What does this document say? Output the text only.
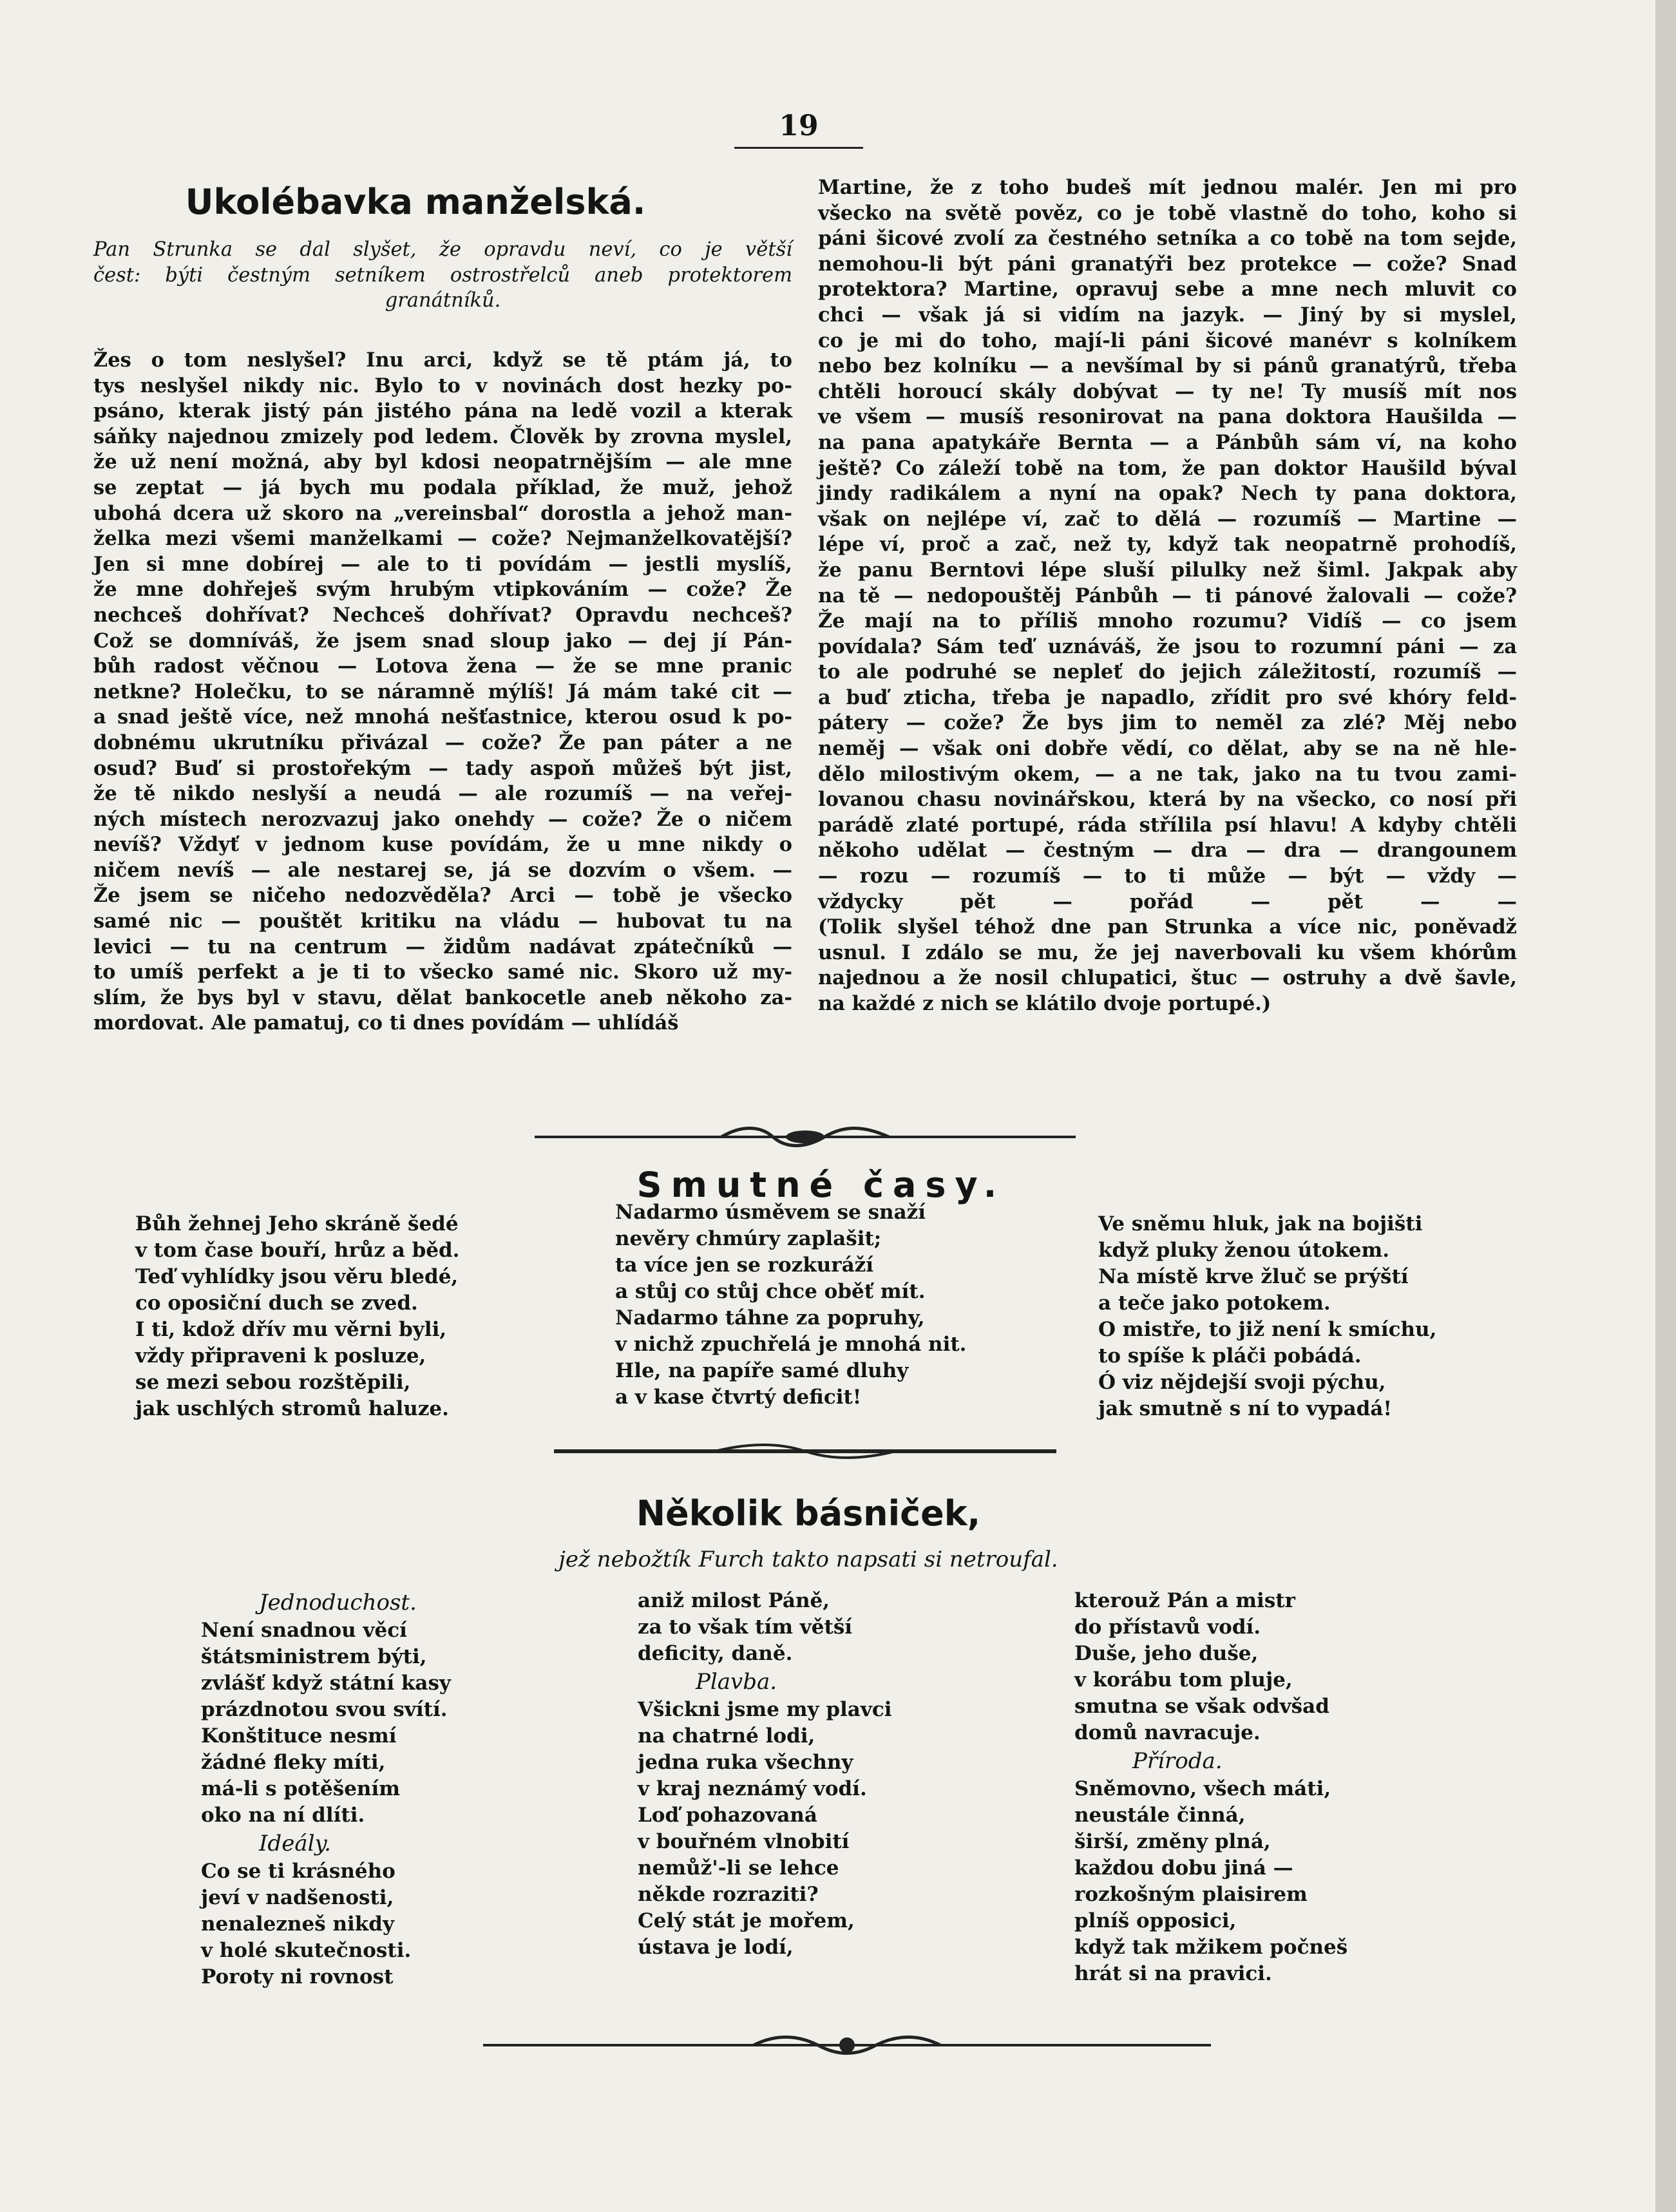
19
Ukolébavka manželská.

Pan Strunka se dal slyšet, že opravdu neví, co je větší

čest: býti čestným setníkem ostrostřelců aneb protektorem

granátníků.

Žes o tom neslyšel? Inu arci, když se tě ptám já, to

tys neslyšel nikdy nic. Bylo to v novinách dost hezky po-

psáno, kterak jistý pán jistého pána na ledě vozil a kterak

sáňky najednou zmizely pod ledem. Člověk by zrovna myslel,

že už není možná, aby byl kdosi neopatrnějším — ale mne

se zeptat — já bych mu podala příklad, že muž, jehož

ubohá dcera už skoro na „vereinsbal“ dorostla a jehož man-

želka mezi všemi manželkami — cože? Nejmanželkovatější?

Jen si mne dobírej — ale to ti povídám — jestli myslíš,

že mne dohřeješ svým hrubým vtipkováním — cože? Že

nechceš dohřívat? Nechceš dohřívat? Opravdu nechceš?

Což se domníváš, že jsem snad sloup jako — dej jí Pán-

bůh radost věčnou — Lotova žena — že se mne pranic

netkne? Holečku, to se náramně mýlíš! Já mám také cit —

a snad ještě více, než mnohá nešťastnice, kterou osud k po-

dobnému ukrutníku přivázal — cože? Že pan páter a ne

osud? Buď si prostořekým — tady aspoň můžeš být jist,

že tě nikdo neslyší a neudá — ale rozumíš — na veřej-

ných místech nerozvazuj jako onehdy — cože? Že o ničem

nevíš? Vždyť v jednom kuse povídám, že u mne nikdy o

ničem nevíš — ale nestarej se, já se dozvím o všem. —

Že jsem se ničeho nedozvěděla? Arci — tobě je všecko

samé nic — pouštět kritiku na vládu — hubovat tu na

levici — tu na centrum — židům nadávat zpátečníků —

to umíš perfekt a je ti to všecko samé nic. Skoro už my-

slím, že bys byl v stavu, dělat bankocetle aneb někoho za-

mordovat. Ale pamatuj, co ti dnes povídám — uhlídáš

Martine, že z toho budeš mít jednou malér. Jen mi pro

všecko na světě pověz, co je tobě vlastně do toho, koho si

páni šicové zvolí za čestného setníka a co tobě na tom sejde,

nemohou-li být páni granatýři bez protekce — cože? Snad

protektora? Martine, opravuj sebe a mne nech mluvit co

chci — však já si vidím na jazyk. — Jiný by si myslel,

co je mi do toho, mají-li páni šicové manévr s kolníkem

nebo bez kolníku — a nevšímal by si pánů granatýrů, třeba

chtěli horoucí skály dobývat — ty ne! Ty musíš mít nos

ve všem — musíš resonirovat na pana doktora Haušilda —

na pana apatykáře Bernta — a Pánbůh sám ví, na koho

ještě? Co záleží tobě na tom, že pan doktor Haušild býval

jindy radikálem a nyní na opak? Nech ty pana doktora,

však on nejlépe ví, zač to dělá — rozumíš — Martine —

lépe ví, proč a zač, než ty, když tak neopatrně prohodíš,

že panu Berntovi lépe sluší pilulky než šiml. Jakpak aby

na tě — nedopouštěj Pánbůh — ti pánové žalovali — cože?

Že mají na to příliš mnoho rozumu? Vidíš — co jsem

povídala? Sám teď uznáváš, že jsou to rozumní páni — za

to ale podruhé se nepleť do jejich záležitostí, rozumíš —

a buď zticha, třeba je napadlo, zřídit pro své khóry feld-

pátery — cože? Že bys jim to neměl za zlé? Měj nebo

neměj — však oni dobře vědí, co dělat, aby se na ně hle-

dělo milostivým okem, — a ne tak, jako na tu tvou zami-

lovanou chasu novinářskou, která by na všecko, co nosí při

parádě zlaté portupé, ráda střílila psí hlavu! A kdyby chtěli

někoho udělat — čestným — dra — dra — drangounem

— rozu — rozumíš — to ti může — být — vždy —

vždycky pět — pořád — pět — —

(Tolik slyšel téhož dne pan Strunka a více nic, poněvadž

usnul. I zdálo se mu, že jej naverbovali ku všem khórům

najednou a že nosil chlupatici, štuc — ostruhy a dvě šavle,

na každé z nich se klátilo dvoje portupé.)

Smutné časy.
Bůh žehnej Jeho skráně šedé
v tom čase bouří, hrůz a běd.
Teď vyhlídky jsou věru bledé,
co oposiční duch se zved.
I ti, kdož dřív mu věrni byli,
vždy připraveni k posluze,
se mezi sebou rozštěpili,
jak uschlých stromů haluze.
Nadarmo úsměvem se snaží
nevěry chmúry zaplašit;
ta více jen se rozkuráží
a stůj co stůj chce oběť mít.
Nadarmo táhne za popruhy,
v nichž zpuchřelá je mnohá nit.
Hle, na papíře samé dluhy
a v kase čtvrtý deficit!
Ve sněmu hluk, jak na bojišti
když pluky ženou útokem.
Na místě krve žluč se prýští
a teče jako potokem.
O mistře, to již není k smíchu,
to spíše k pláči pobádá.
Ó viz nějdejší svoji pýchu,
jak smutně s ní to vypadá!
Několik básniček,
jež nebožtík Furch takto napsati si netroufal.
Jednoduchost.
Není snadnou věcí
štátsministrem býti,
zvlášť když státní kasy
prázdnotou svou svítí.
Konštituce nesmí
žádné fleky míti,
má-li s potěšením
oko na ní dlíti.
Ideály.
Co se ti krásného
jeví v nadšenosti,
nenalezneš nikdy
v holé skutečnosti.
Poroty ni rovnost
aniž milost Páně,
za to však tím větší
deficity, daně.
Plavba.
Všickni jsme my plavci
na chatrné lodi,
jedna ruka všechny
v kraj neznámý vodí.
Loď pohazovaná
v bouřném vlnobití
nemůž'-li se lehce
někde rozraziti?
Celý stát je mořem,
ústava je lodí,
kterouž Pán a mistr
do přístavů vodí.
Duše, jeho duše,
v korábu tom pluje,
smutna se však odvšad
domů navracuje.
Příroda.
Sněmovno, všech máti,
neustále činná,
širší, změny plná,
každou dobu jiná —
rozkošným plaisirem
plníš opposici,
když tak mžikem počneš
hrát si na pravici.
